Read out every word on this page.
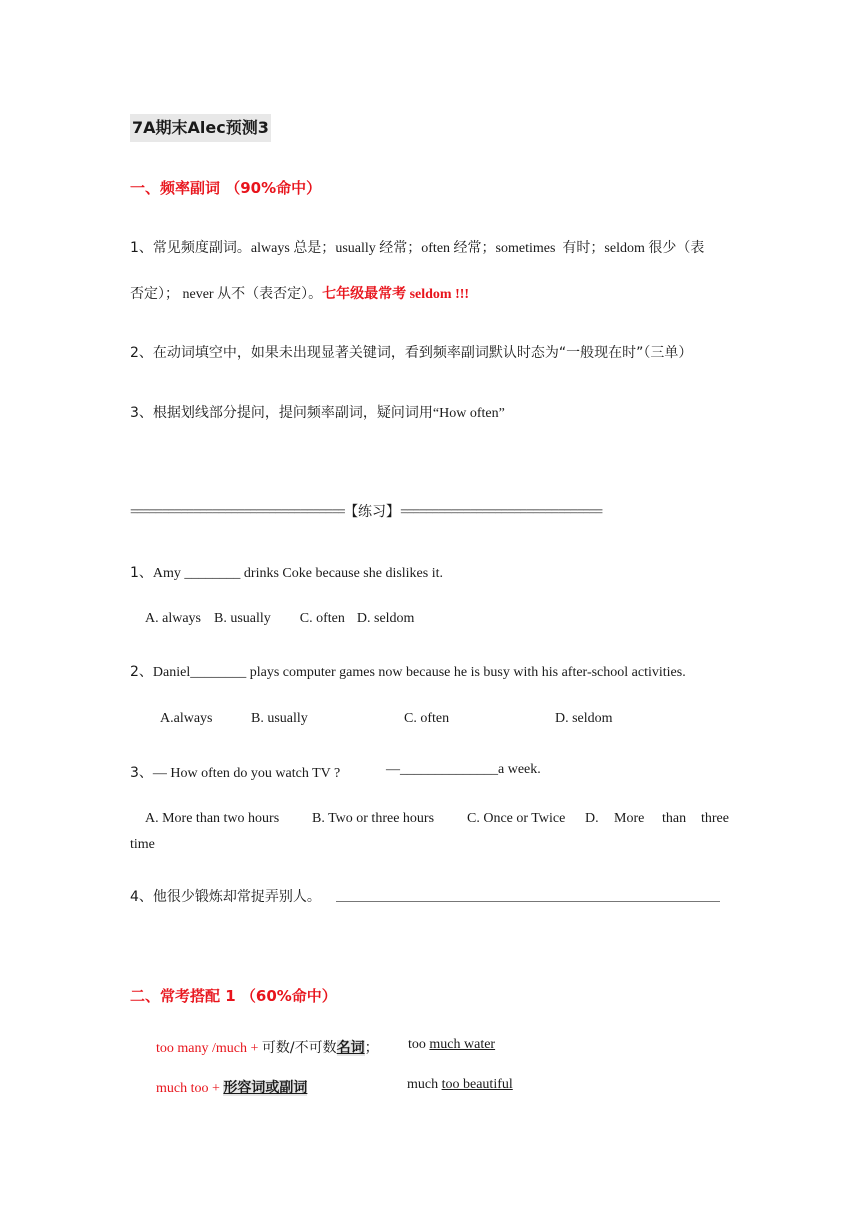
7A期末Alec预测3
一、频率副词 （90%命中）
1、常见频度副词。always 总是；usually 经常；often 经常；sometimes 有时；seldom 很少（表
否定）； never 从不（表否定）。七年级最常考 seldom !!!
2、在动词填空中，如果未出现显著关键词，看到频率副词默认时态为“一般现在时”（三单）
3、根据划线部分提问，提问频率副词，疑问词用“How often”
==================================【练习】================================
1、Amy ________ drinks Coke because she dislikes it.
A. always B. usually C. often D. seldom
2、Daniel________ plays computer games now because he is busy with his after-school activities.
A.always	B. usually	C. often	D. seldom
3、— How often do you watch TV ?	—______________a week.
A. More than two hours B. Two or three hours C. Once or Twice D. More than three
time
4、他很少锻炼却常捉弄别人。
二、常考搭配 1 （60%命中）
too many /much + 可数/不可数名词； too much water
much too + 形容词或副词	much too beautiful
